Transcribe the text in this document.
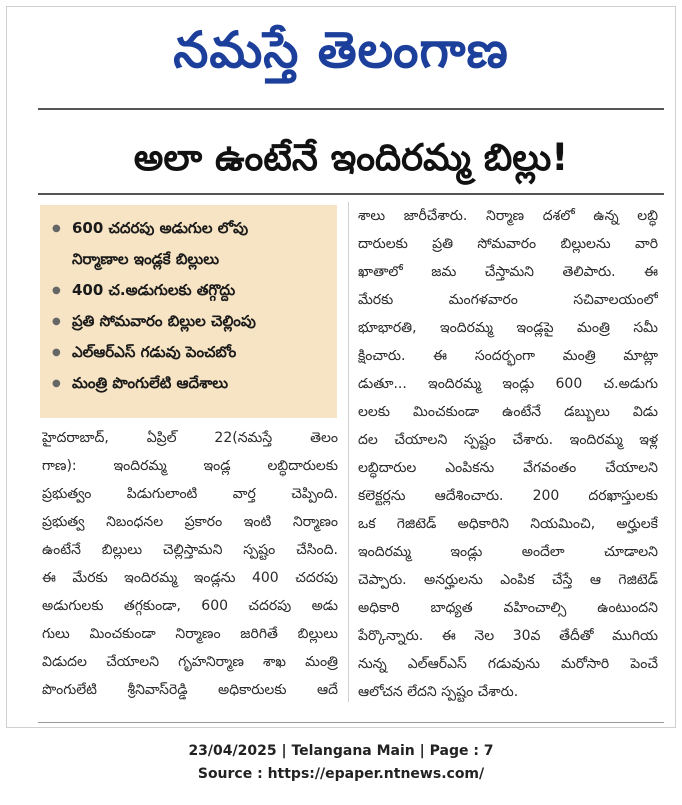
నమస్తే తెలంగాణ
అలా ఉంటేనే ఇందిరమ్మ బిల్లు!
● 600 చదరపు అడుగుల లోపు
నిర్మాణాల ఇండ్లకే బిల్లులు
● 400 చ.అడుగులకు తగ్గొద్దు
● ప్రతి సోమవారం బిల్లుల చెల్లింపు
● ఎల్‌ఆర్‌ఎస్ గడువు పెంచబోం
● మంత్రి పొంగులేటి ఆదేశాలు
హైదరాబాద్, ఏప్రిల్ 22(నమస్తే తెలం
గాణ): ఇందిరమ్మ ఇండ్ల లబ్ధిదారులకు
ప్రభుత్వం పిడుగులాంటి వార్త చెప్పింది.
ప్రభుత్వ నిబంధనల ప్రకారం ఇంటి నిర్మాణం
ఉంటేనే బిల్లులు చెల్లిస్తామని స్పష్టం చేసింది.
ఈ మేరకు ఇందిరమ్మ ఇండ్లను 400 చదరపు
అడుగులకు తగ్గకుండా, 600 చదరపు అడు
గులు మించకుండా నిర్మాణం జరిగితే బిల్లులు
విడుదల చేయాలని గృహనిర్మాణ శాఖ మంత్రి
పొంగులేటి శ్రీనివాస్‌రెడ్డి అధికారులకు ఆదే
శాలు జారీచేశారు. నిర్మాణ దశలో ఉన్న లబ్ధి
దారులకు ప్రతి సోమవారం బిల్లులను వారి
ఖాతాలో జమ చేస్తామని తెలిపారు. ఈ
మేరకు మంగళవారం సచివాలయంలో
భూభారతి, ఇందిరమ్మ ఇండ్లపై మంత్రి సమీ
క్షించారు. ఈ సందర్భంగా మంత్రి మాట్లా
డుతూ... ఇందిరమ్మ ఇండ్లు 600 చ.అడుగు
లలకు మించకుండా ఉంటేనే డబ్బులు విడు
దల చేయాలని స్పష్టం చేశారు. ఇందిరమ్మ ఇళ్ల
లబ్ధిదారుల ఎంపికను వేగవంతం చేయాలని
కలెక్టర్లను ఆదేశించారు. 200 దరఖాస్తులకు
ఒక గెజిటెడ్ అధికారిని నియమించి, అర్హులకే
ఇందిరమ్మ ఇండ్లు అందేలా చూడాలని
చెప్పారు. అనర్హులను ఎంపిక చేస్తే ఆ గెజిటెడ్
అధికారి బాధ్యత వహించాల్సి ఉంటుందని
పేర్కొన్నారు. ఈ నెల 30వ తేదీతో ముగియ
నున్న ఎల్‌ఆర్‌ఎస్ గడువును మరోసారి పెంచే
ఆలోచన లేదని స్పష్టం చేశారు.
23/04/2025 | Telangana Main | Page : 7
Source : https://epaper.ntnews.com/
